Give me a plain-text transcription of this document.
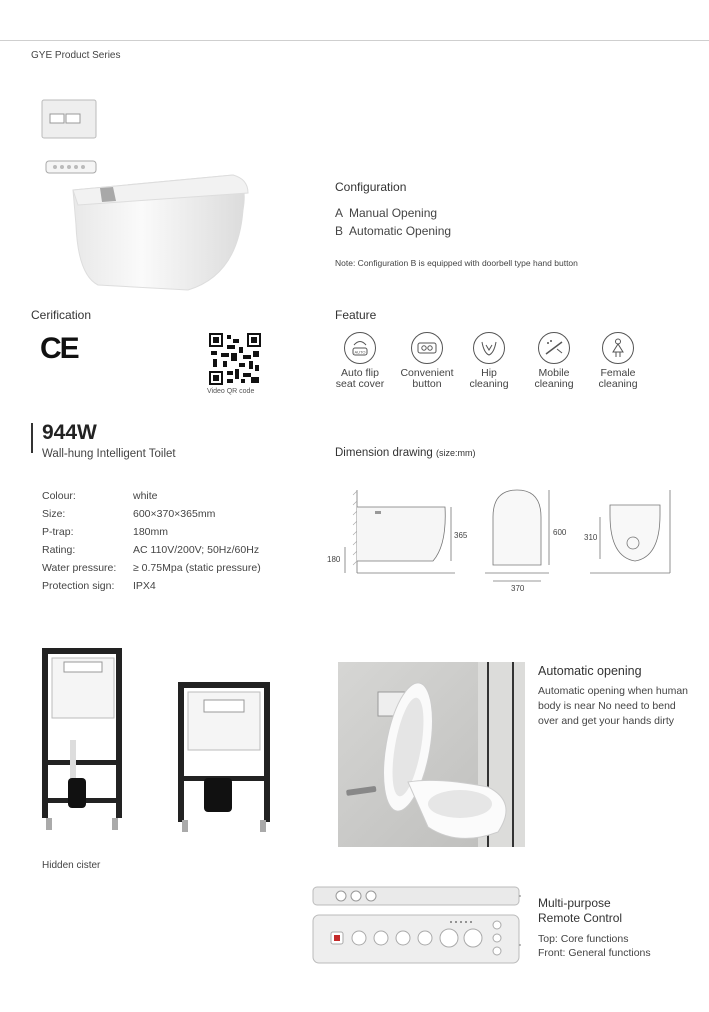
GYE Product Series
Configuration
A  Manual Opening
B  Automatic Opening
Note: Configuration B is equipped with doorbell type hand button
Cerification
CE
Video QR code
Feature
AUTO
Auto flip
seat cover
Convenient
button
Hip
cleaning
Mobile
cleaning
Female
cleaning
944W
Wall-hung Intelligent Toilet	Dimension drawing (size:mm)
Colour:	white
Size:	600×370×365mm
P-trap:	180mm
Rating:	AC 110V/200V; 50Hz/60Hz
Water pressure: ≥ 0.75Mpa (static pressure)
Protection sign: IPX4
365
180
600
370
310
Hidden cister
Automatic opening
Automatic opening when human body is near No need to bend over and get your hands dirty
Multi-purpose
Remote Control
Top: Core functions
Front: General functions
